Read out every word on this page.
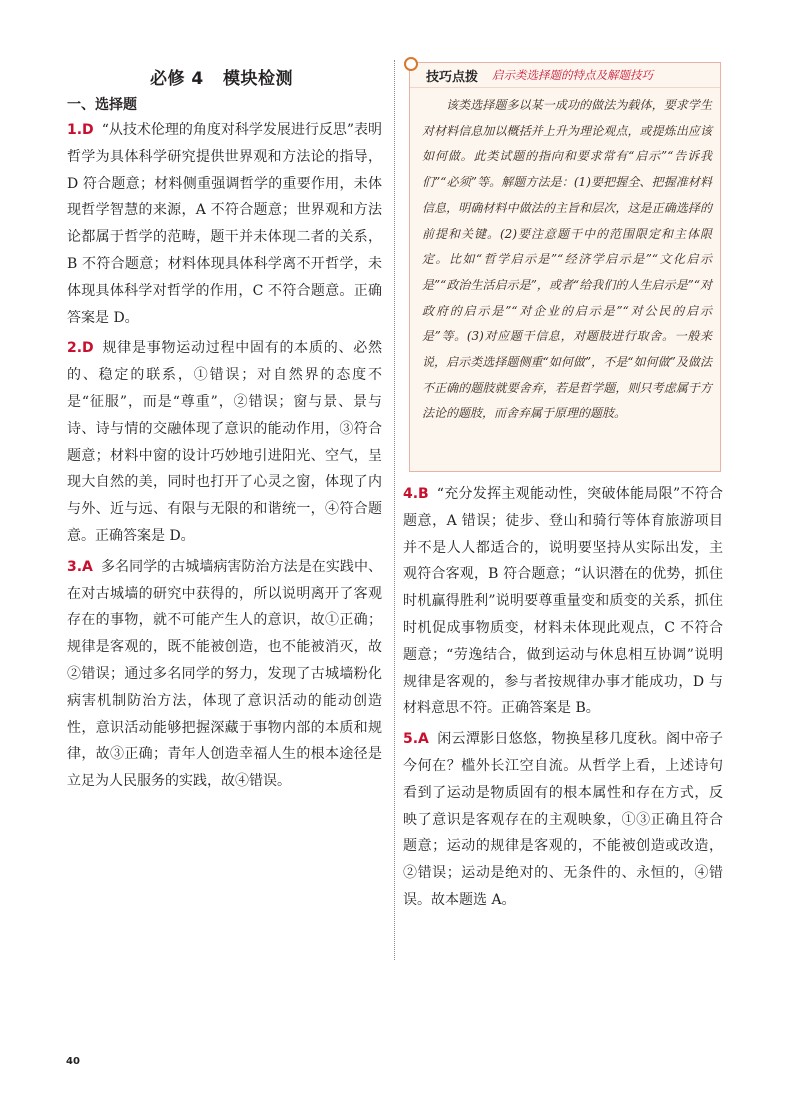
必修 4   模块检测
一、选择题

1.D “从技术伦理的角度对科学发展进行反思”表明哲学为具体科学研究提供世界观和方法论的指导，D 符合题意；材料侧重强调哲学的重要作用，未体现哲学智慧的来源，A 不符合题意；世界观和方法论都属于哲学的范畴，题干并未体现二者的关系，B 不符合题意；材料体现具体科学离不开哲学，未体现具体科学对哲学的作用，C 不符合题意。正确答案是 D。

2.D 规律是事物运动过程中固有的本质的、必然的、稳定的联系，①错误；对自然界的态度不是“征服”，而是“尊重”，②错误；窗与景、景与诗、诗与情的交融体现了意识的能动作用，③符合题意；材料中窗的设计巧妙地引进阳光、空气，呈现大自然的美，同时也打开了心灵之窗，体现了内与外、近与远、有限与无限的和谐统一，④符合题意。正确答案是 D。

3.A 多名同学的古城墙病害防治方法是在实践中、在对古城墙的研究中获得的，所以说明离开了客观存在的事物，就不可能产生人的意识，故①正确；规律是客观的，既不能被创造，也不能被消灭，故②错误；通过多名同学的努力，发现了古城墙粉化病害机制防治方法，体现了意识活动的能动创造性，意识活动能够把握深藏于事物内部的本质和规律，故③正确；青年人创造幸福人生的根本途径是立足为人民服务的实践，故④错误。

技巧点拨 启示类选择题的特点及解题技巧
该类选择题多以某一成功的做法为载体，要求学生对材料信息加以概括并上升为理论观点，或提炼出应该如何做。此类试题的指向和要求常有“启示”“告诉我们”“必须”等。解题方法是：(1)要把握全、把握准材料信息，明确材料中做法的主旨和层次，这是正确选择的前提和关键。(2)要注意题干中的范围限定和主体限定。比如“哲学启示是”“经济学启示是”“文化启示是”“政治生活启示是”，或者“给我们的人生启示是”“对政府的启示是”“对企业的启示是”“对公民的启示是”等。(3)对应题干信息，对题肢进行取舍。一般来说，启示类选择题侧重“如何做”，不是“如何做”及做法不正确的题肢就要舍弃，若是哲学题，则只考虑属于方法论的题肢，而舍弃属于原理的题肢。

4.B “充分发挥主观能动性，突破体能局限”不符合题意，A 错误；徒步、登山和骑行等体育旅游项目并不是人人都适合的，说明要坚持从实际出发，主观符合客观，B 符合题意；“认识潜在的优势，抓住时机赢得胜利”说明要尊重量变和质变的关系，抓住时机促成事物质变，材料未体现此观点，C 不符合题意；“劳逸结合，做到运动与休息相互协调”说明规律是客观的，参与者按规律办事才能成功，D 与材料意思不符。正确答案是 B。

5.A 闲云潭影日悠悠，物换星移几度秋。阁中帝子今何在？槛外长江空自流。从哲学上看，上述诗句看到了运动是物质固有的根本属性和存在方式，反映了意识是客观存在的主观映象，①③正确且符合题意；运动的规律是客观的，不能被创造或改造，②错误；运动是绝对的、无条件的、永恒的，④错误。故本题选 A。

40
